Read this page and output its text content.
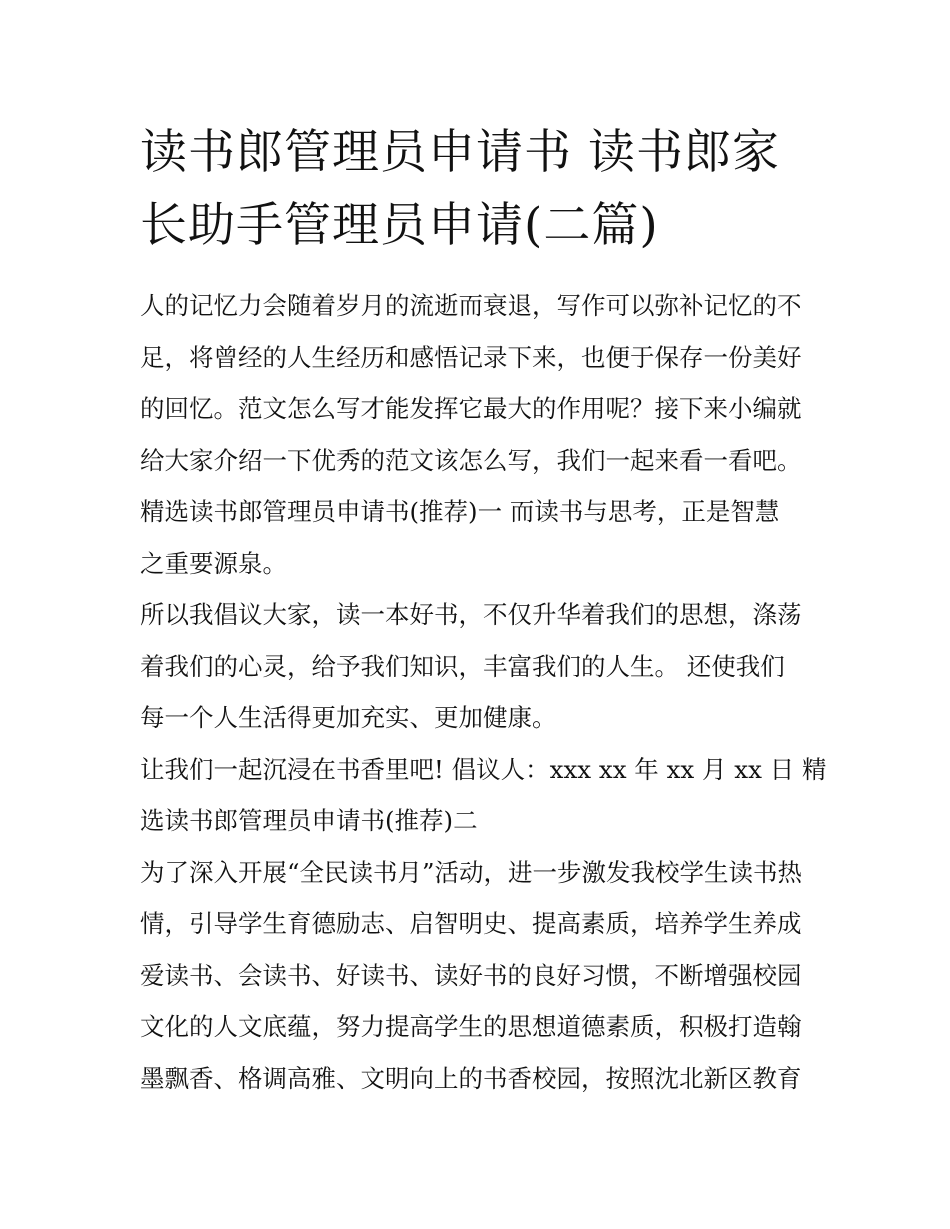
读书郎管理员申请书 读书郎家
长助手管理员申请(二篇)
人的记忆力会随着岁月的流逝而衰退，写作可以弥补记忆的不
足，将曾经的人生经历和感悟记录下来，也便于保存一份美好
的回忆。范文怎么写才能发挥它最大的作用呢？接下来小编就
给大家介绍一下优秀的范文该怎么写，我们一起来看一看吧。
精选读书郎管理员申请书(推荐)一 而读书与思考，正是智慧
之重要源泉。
所以我倡议大家，读一本好书，不仅升华着我们的思想，涤荡
着我们的心灵，给予我们知识，丰富我们的人生。 还使我们
每一个人生活得更加充实、更加健康。
让我们一起沉浸在书香里吧! 倡议人：xxx xx 年 xx 月 xx 日 精
选读书郎管理员申请书(推荐)二
为了深入开展“全民读书月”活动，进一步激发我校学生读书热
情，引导学生育德励志、启智明史、提高素质，培养学生养成
爱读书、会读书、好读书、读好书的良好习惯，不断增强校园
文化的人文底蕴，努力提高学生的思想道德素质，积极打造翰
墨飘香、格调高雅、文明向上的书香校园，按照沈北新区教育
